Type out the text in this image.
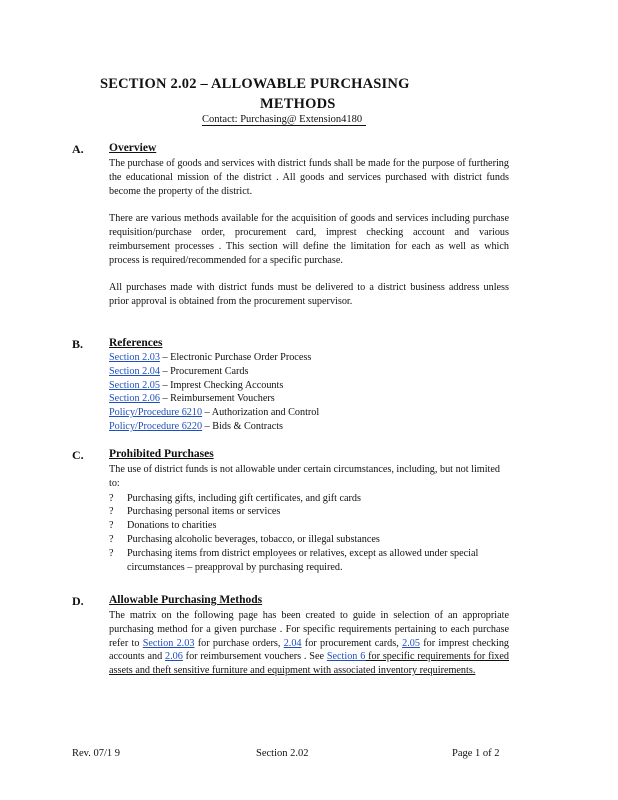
SECTION 2.02 – ALLOWABLE PURCHASING
METHODS
Contact: Purchasing@ Extension4180
A. Overview

The purchase of goods and services with district funds shall be made for the purpose of furthering the educational mission of the district . All goods and services purchased with district funds become the property of the district.

There are various methods available for the acquisition of goods and services including purchase requisition/purchase order, procurement card, imprest checking account and various reimbursement processes . This section will define the limitation for each as well as which process is required/recommended for a specific purchase.

All purchases made with district funds must be delivered to a district business address unless prior approval is obtained from the procurement supervisor.

B. References
Section 2.03 – Electronic Purchase Order Process
Section 2.04 – Procurement Cards
Section 2.05 – Imprest Checking Accounts
Section 2.06 – Reimbursement Vouchers
Policy/Procedure 6210 – Authorization and Control
Policy/Procedure 6220 – Bids & Contracts
C. Prohibited Purchases
The use of district funds is not allowable under certain circumstances, including, but not limited to:
?	Purchasing gifts, including gift certificates, and gift cards
?	Purchasing personal items or services
?	Donations to charities
?	Purchasing alcoholic beverages, tobacco, or illegal substances
?	Purchasing items from district employees or relatives, except as allowed under special circumstances – preapproval by purchasing required.
D. Allowable Purchasing Methods

The matrix on the following page has been created to guide in selection of an appropriate purchasing method for a given purchase . For specific requirements pertaining to each purchase refer to Section 2.03 for purchase orders, 2.04 for procurement cards, 2.05 for imprest checking accounts and 2.06 for reimbursement vouchers . See Section 6 for specific requirements for fixed assets and theft sensitive furniture and equipment with associated inventory requirements.

Rev. 07/1 9	Section 2.02	Page 1 of 2
